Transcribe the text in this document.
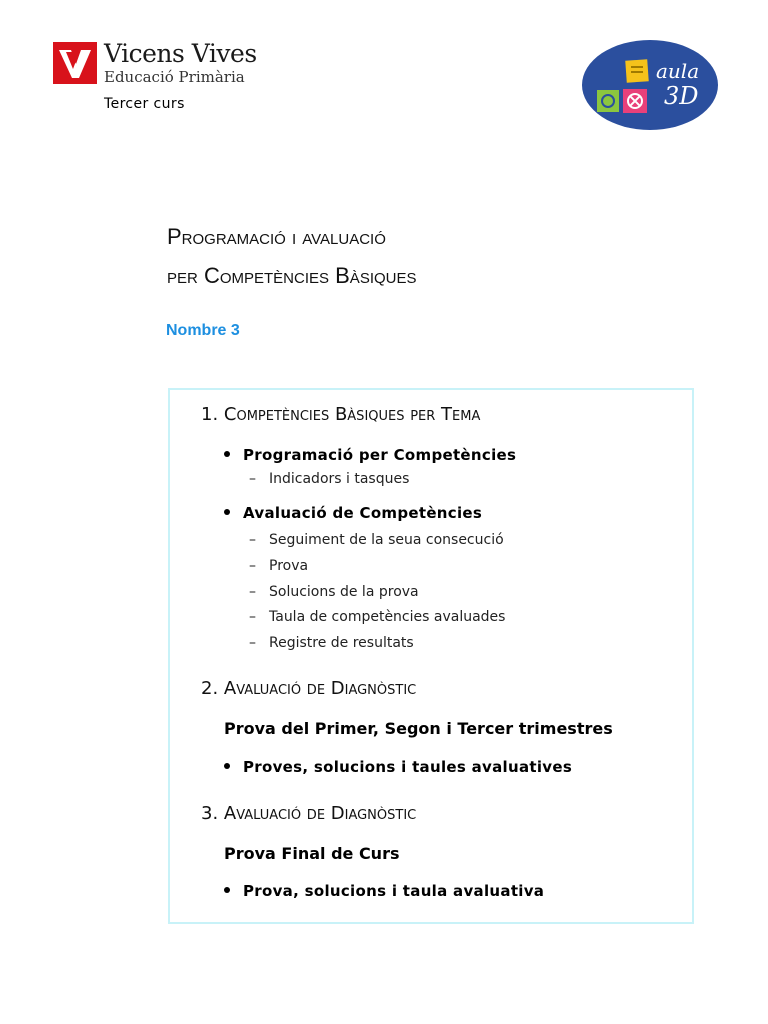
Vicens Vives
Educació Primària
Tercer curs
aula
3D
Programació i avaluació
per Competències Bàsiques
Nombre 3
1. Competències Bàsiques per Tema
Programació per Competències
– Indicadors i tasques
Avaluació de Competències
– Seguiment de la seua consecució
– Prova
– Solucions de la prova
– Taula de competències avaluades
– Registre de resultats
2. Avaluació de Diagnòstic
Prova del Primer, Segon i Tercer trimestres
Proves, solucions i taules avaluatives
3. Avaluació de Diagnòstic
Prova Final de Curs
Prova, solucions i taula avaluativa
